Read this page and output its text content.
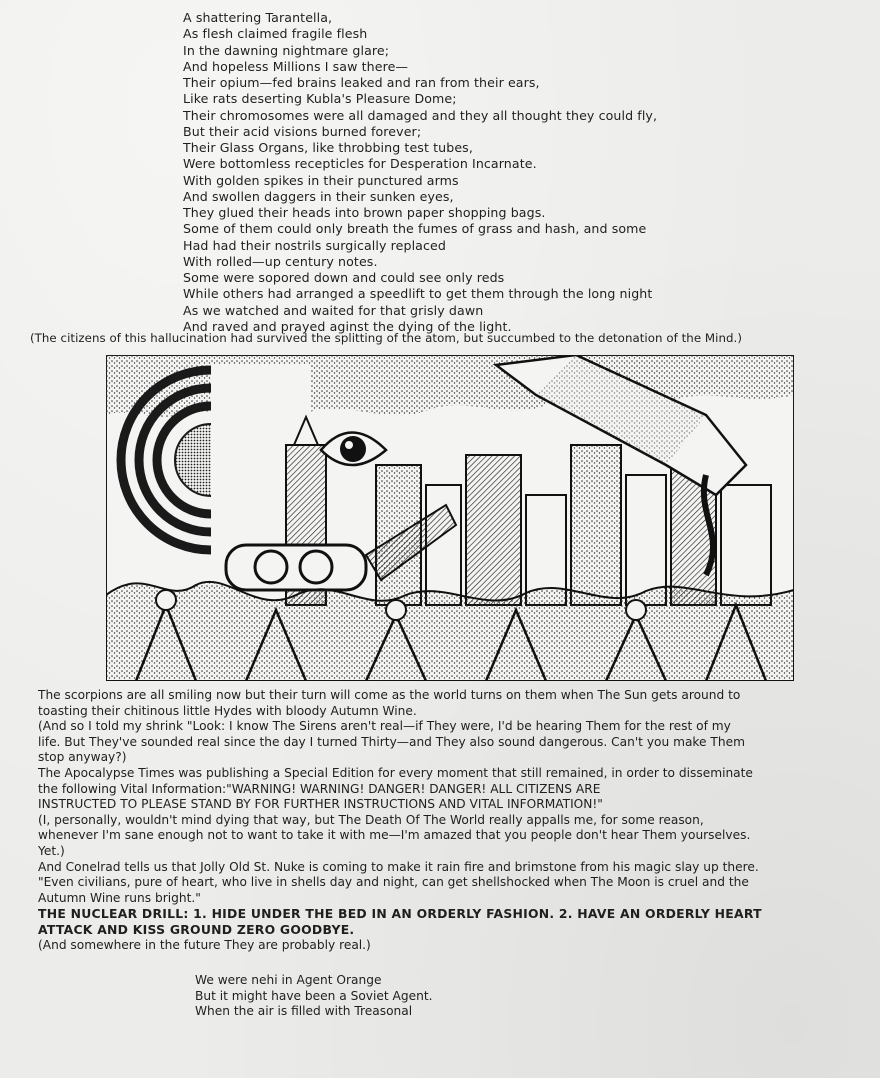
A shattering Tarantella,
As flesh claimed fragile flesh
In the dawning nightmare glare;
And hopeless Millions I saw there—
Their opium—fed brains leaked and ran from their ears,
Like rats deserting Kubla's Pleasure Dome;
Their chromosomes were all damaged and they all thought they could fly,
But their acid visions burned forever;
Their Glass Organs, like throbbing test tubes,
Were bottomless recepticles for Desperation Incarnate.
With golden spikes in their punctured arms
And swollen daggers in their sunken eyes,
They glued their heads into brown paper shopping bags.
Some of them could only breath the fumes of grass and hash, and some
Had had their nostrils surgically replaced
With rolled—up century notes.
Some were sopored down and could see only reds
While others had arranged a speedlift to get them through the long night
As we watched and waited for that grisly dawn
And raved and prayed aginst the dying of the light.
(The citizens of this hallucination had survived the splitting of the atom, but succumbed to the detonation of the Mind.)
The scorpions are all smiling now but their turn will come as the world turns on them when The Sun gets around to
toasting their chitinous little Hydes with bloody Autumn Wine.
(And so I told my shrink "Look: I know The Sirens aren't real—if They were, I'd be hearing Them for the rest of my
life. But They've sounded real since the day I turned Thirty—and They also sound dangerous. Can't you make Them
stop anyway?)
The Apocalypse Times was publishing a Special Edition for every moment that still remained, in order to disseminate
the following Vital Information:"WARNING! WARNING! DANGER! DANGER! ALL CITIZENS ARE
INSTRUCTED TO PLEASE STAND BY FOR FURTHER INSTRUCTIONS AND VITAL INFORMATION!"
(I, personally, wouldn't mind dying that way, but The Death Of The World really appalls me, for some reason,
whenever I'm sane enough not to want to take it with me—I'm amazed that you people don't hear Them yourselves.
Yet.)
And Conelrad tells us that Jolly Old St. Nuke is coming to make it rain fire and brimstone from his magic slay up there.
"Even civilians, pure of heart, who live in shells day and night, can get shellshocked when The Moon is cruel and the
Autumn Wine runs bright."
THE NUCLEAR DRILL: 1. HIDE UNDER THE BED IN AN ORDERLY FASHION. 2. HAVE AN ORDERLY HEART
ATTACK AND KISS GROUND ZERO GOODBYE.
(And somewhere in the future They are probably real.)
We were nehi in Agent Orange
But it might have been a Soviet Agent.
When the air is filled with Treasonal
